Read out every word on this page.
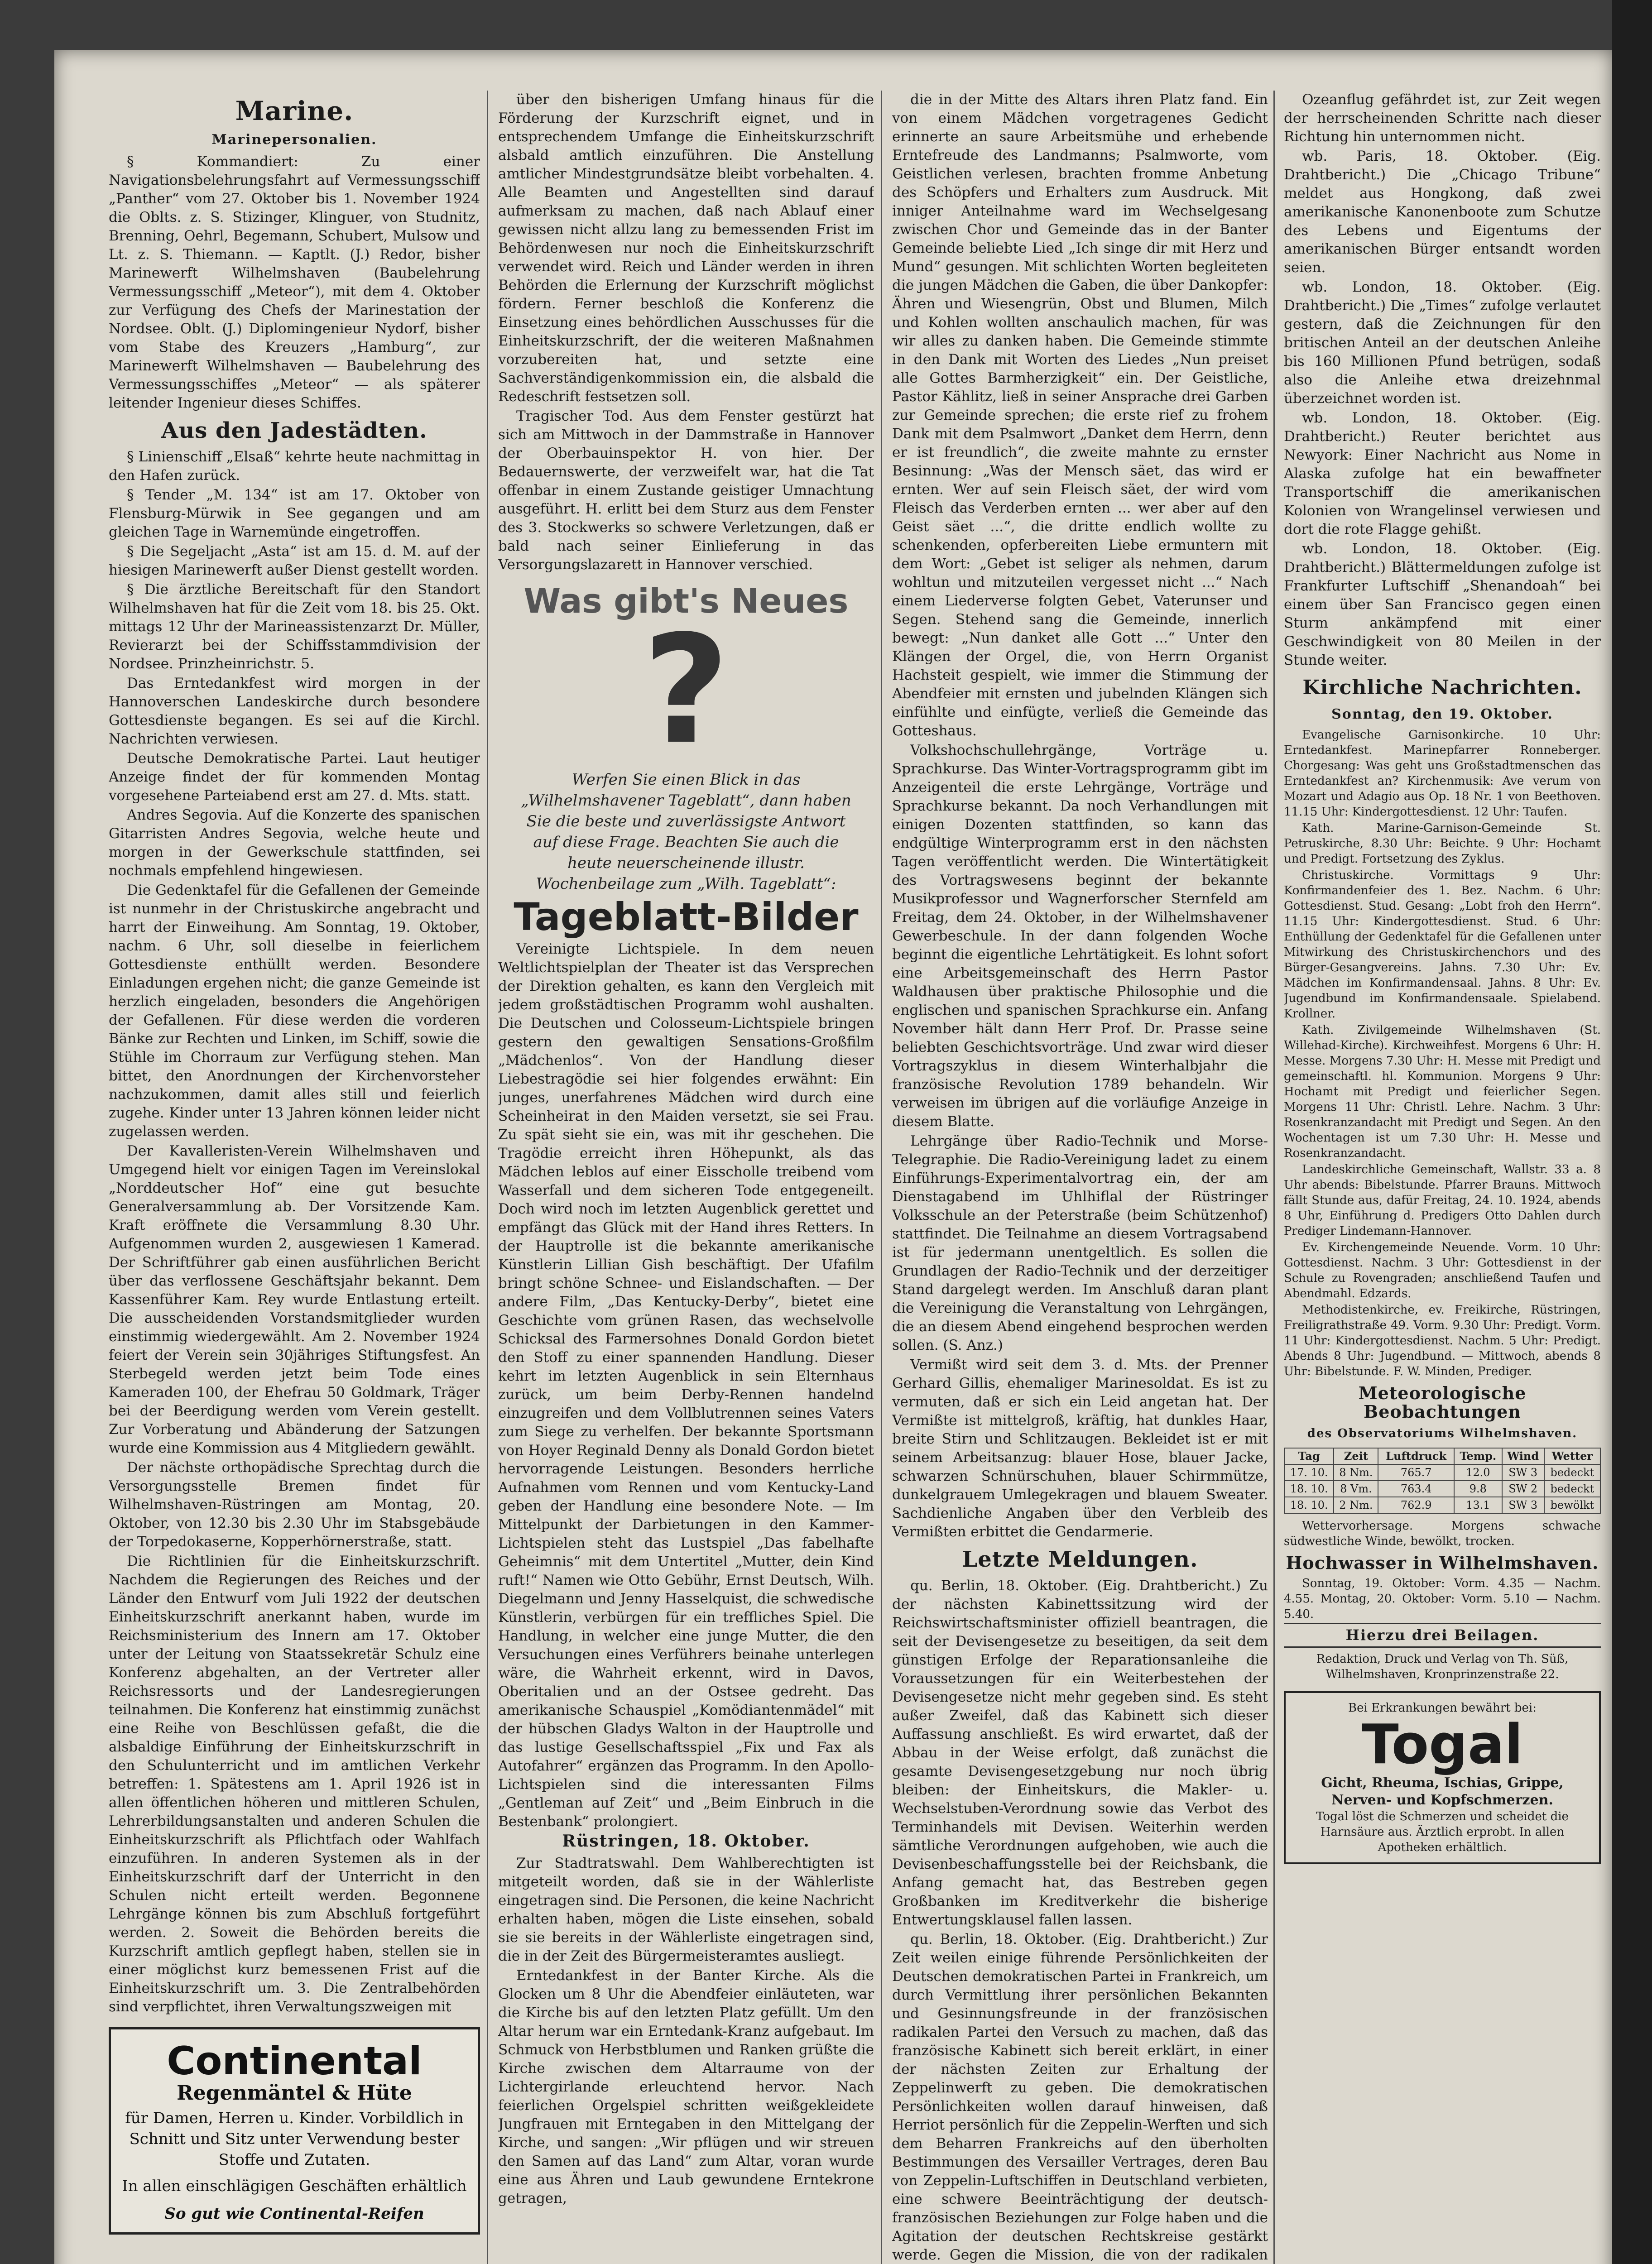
Marine.
Marinepersonalien.

§ Kommandiert: Zu einer Navigationsbelehrungsfahrt auf Vermessungsschiff „Panther“ vom 27. Oktober bis 1. November 1924 die Oblts. z. S. Stizinger, Klinguer, von Studnitz, Brenning, Oehrl, Begemann, Schubert, Mulsow und Lt. z. S. Thiemann. — Kaptlt. (J.) Redor, bisher Marinewerft Wilhelmshaven (Baubelehrung Vermessungsschiff „Meteor“), mit dem 4. Oktober zur Verfügung des Chefs der Marinestation der Nordsee. Oblt. (J.) Diplomingenieur Nydorf, bisher vom Stabe des Kreuzers „Hamburg“, zur Marinewerft Wilhelmshaven — Baubelehrung des Vermessungsschiffes „Meteor“ — als späterer leitender Ingenieur dieses Schiffes.

Aus den Jadestädten.

§ Linienschiff „Elsaß“ kehrte heute nachmittag in den Hafen zurück.

§ Tender „M. 134“ ist am 17. Oktober von Flensburg-Mürwik in See gegangen und am gleichen Tage in Warnemünde eingetroffen.

§ Die Segeljacht „Asta“ ist am 15. d. M. auf der hiesigen Marinewerft außer Dienst gestellt worden.

§ Die ärztliche Bereitschaft für den Standort Wilhelmshaven hat für die Zeit vom 18. bis 25. Okt. mittags 12 Uhr der Marineassistenzarzt Dr. Müller, Revierarzt bei der Schiffsstammdivision der Nordsee. Prinzheinrichstr. 5.

Das Erntedankfest wird morgen in der Hannoverschen Landeskirche durch besondere Gottesdienste begangen. Es sei auf die Kirchl. Nachrichten verwiesen.

Deutsche Demokratische Partei. Laut heutiger Anzeige findet der für kommenden Montag vorgesehene Parteiabend erst am 27. d. Mts. statt.

Andres Segovia. Auf die Konzerte des spanischen Gitarristen Andres Segovia, welche heute und morgen in der Gewerkschule stattfinden, sei nochmals empfehlend hingewiesen.

Die Gedenktafel für die Gefallenen der Gemeinde ist nunmehr in der Christuskirche angebracht und harrt der Einweihung. Am Sonntag, 19. Oktober, nachm. 6 Uhr, soll dieselbe in feierlichem Gottesdienste enthüllt werden. Besondere Einladungen ergehen nicht; die ganze Gemeinde ist herzlich eingeladen, besonders die Angehörigen der Gefallenen. Für diese werden die vorderen Bänke zur Rechten und Linken, im Schiff, sowie die Stühle im Chorraum zur Verfügung stehen. Man bittet, den Anordnungen der Kirchenvorsteher nachzukommen, damit alles still und feierlich zugehe. Kinder unter 13 Jahren können leider nicht zugelassen werden.

Der Kavalleristen-Verein Wilhelmshaven und Umgegend hielt vor einigen Tagen im Vereinslokal „Norddeutscher Hof“ eine gut besuchte Generalversammlung ab. Der Vorsitzende Kam. Kraft eröffnete die Versammlung 8.30 Uhr. Aufgenommen wurden 2, ausgewiesen 1 Kamerad. Der Schriftführer gab einen ausführlichen Bericht über das verflossene Geschäftsjahr bekannt. Dem Kassenführer Kam. Rey wurde Entlastung erteilt. Die ausscheidenden Vorstandsmitglieder wurden einstimmig wiedergewählt. Am 2. November 1924 feiert der Verein sein 30jähriges Stiftungsfest. An Sterbegeld werden jetzt beim Tode eines Kameraden 100, der Ehefrau 50 Goldmark, Träger bei der Beerdigung werden vom Verein gestellt. Zur Vorberatung und Abänderung der Satzungen wurde eine Kommission aus 4 Mitgliedern gewählt.

Der nächste orthopädische Sprechtag durch die Versorgungsstelle Bremen findet für Wilhelmshaven-Rüstringen am Montag, 20. Oktober, von 12.30 bis 2.30 Uhr im Stabsgebäude der Torpedokaserne, Kopperhörnerstraße, statt.

Die Richtlinien für die Einheitskurzschrift. Nachdem die Regierungen des Reiches und der Länder den Entwurf vom Juli 1922 der deutschen Einheitskurzschrift anerkannt haben, wurde im Reichsministerium des Innern am 17. Oktober unter der Leitung von Staatssekretär Schulz eine Konferenz abgehalten, an der Vertreter aller Reichsressorts und der Landesregierungen teilnahmen. Die Konferenz hat einstimmig zunächst eine Reihe von Beschlüssen gefaßt, die die alsbaldige Einführung der Einheitskurzschrift in den Schulunterricht und im amtlichen Verkehr betreffen: 1. Spätestens am 1. April 1926 ist in allen öffentlichen höheren und mittleren Schulen, Lehrerbildungsanstalten und anderen Schulen die Einheitskurzschrift als Pflichtfach oder Wahlfach einzuführen. In anderen Systemen als in der Einheitskurzschrift darf der Unterricht in den Schulen nicht erteilt werden. Begonnene Lehrgänge können bis zum Abschluß fortgeführt werden. 2. Soweit die Behörden bereits die Kurzschrift amtlich gepflegt haben, stellen sie in einer möglichst kurz bemessenen Frist auf die Einheitskurzschrift um. 3. Die Zentralbehörden sind verpflichtet, ihren Verwaltungszweigen mit

Continental
Regenmäntel & Hüte
für Damen, Herren u. Kinder. Vorbildlich in Schnitt und Sitz unter Verwendung bester Stoffe und Zutaten.
In allen einschlägigen Geschäften erhältlich
So gut wie Continental-Reifen

über den bisherigen Umfang hinaus für die Förderung der Kurzschrift eignet, und in entsprechendem Umfange die Einheitskurzschrift alsbald amtlich einzuführen. Die Anstellung amtlicher Mindestgrundsätze bleibt vorbehalten. 4. Alle Beamten und Angestellten sind darauf aufmerksam zu machen, daß nach Ablauf einer gewissen nicht allzu lang zu bemessenden Frist im Behördenwesen nur noch die Einheitskurzschrift verwendet wird. Reich und Länder werden in ihren Behörden die Erlernung der Kurzschrift möglichst fördern. Ferner beschloß die Konferenz die Einsetzung eines behördlichen Ausschusses für die Einheitskurzschrift, der die weiteren Maßnahmen vorzubereiten hat, und setzte eine Sachverständigenkommission ein, die alsbald die Redeschrift festsetzen soll.

Tragischer Tod. Aus dem Fenster gestürzt hat sich am Mittwoch in der Dammstraße in Hannover der Oberbauinspektor H. von hier. Der Bedauernswerte, der verzweifelt war, hat die Tat offenbar in einem Zustande geistiger Umnachtung ausgeführt. H. erlitt bei dem Sturz aus dem Fenster des 3. Stockwerks so schwere Verletzungen, daß er bald nach seiner Einlieferung in das Versorgungslazarett in Hannover verschied.

Was gibt's Neues
?
Werfen Sie einen Blick in das „Wilhelmshavener Tageblatt“, dann haben Sie die beste und zuverlässigste Antwort auf diese Frage. Beachten Sie auch die heute neuerscheinende illustr. Wochenbeilage zum „Wilh. Tageblatt“:
Tageblatt-Bilder

Vereinigte Lichtspiele. In dem neuen Weltlichtspielplan der Theater ist das Versprechen der Direktion gehalten, es kann den Vergleich mit jedem großstädtischen Programm wohl aushalten. Die Deutschen und Colosseum-Lichtspiele bringen gestern den gewaltigen Sensations-Großfilm „Mädchenlos“. Von der Handlung dieser Liebestragödie sei hier folgendes erwähnt: Ein junges, unerfahrenes Mädchen wird durch eine Scheinheirat in den Maiden versetzt, sie sei Frau. Zu spät sieht sie ein, was mit ihr geschehen. Die Tragödie erreicht ihren Höhepunkt, als das Mädchen leblos auf einer Eisscholle treibend vom Wasserfall und dem sicheren Tode entgegeneilt. Doch wird noch im letzten Augenblick gerettet und empfängt das Glück mit der Hand ihres Retters. In der Hauptrolle ist die bekannte amerikanische Künstlerin Lillian Gish beschäftigt. Der Ufafilm bringt schöne Schnee- und Eislandschaften. — Der andere Film, „Das Kentucky-Derby“, bietet eine Geschichte vom grünen Rasen, das wechselvolle Schicksal des Farmersohnes Donald Gordon bietet den Stoff zu einer spannenden Handlung. Dieser kehrt im letzten Augenblick in sein Elternhaus zurück, um beim Derby-Rennen handelnd einzugreifen und dem Vollblutrennen seines Vaters zum Siege zu verhelfen. Der bekannte Sportsmann von Hoyer Reginald Denny als Donald Gordon bietet hervorragende Leistungen. Besonders herrliche Aufnahmen vom Rennen und vom Kentucky-Land geben der Handlung eine besondere Note. — Im Mittelpunkt der Darbietungen in den Kammer-Lichtspielen steht das Lustspiel „Das fabelhafte Geheimnis“ mit dem Untertitel „Mutter, dein Kind ruft!“ Namen wie Otto Gebühr, Ernst Deutsch, Wilh. Diegelmann und Jenny Hasselquist, die schwedische Künstlerin, verbürgen für ein treffliches Spiel. Die Handlung, in welcher eine junge Mutter, die den Versuchungen eines Verführers beinahe unterlegen wäre, die Wahrheit erkennt, wird in Davos, Oberitalien und an der Ostsee gedreht. Das amerikanische Schauspiel „Komödiantenmädel“ mit der hübschen Gladys Walton in der Hauptrolle und das lustige Gesellschaftsspiel „Fix und Fax als Autofahrer“ ergänzen das Programm. In den Apollo-Lichtspielen sind die interessanten Films „Gentleman auf Zeit“ und „Beim Einbruch in die Bestenbank“ prolongiert.

Rüstringen, 18. Oktober.

Zur Stadtratswahl. Dem Wahlberechtigten ist mitgeteilt worden, daß sie in der Wählerliste eingetragen sind. Die Personen, die keine Nachricht erhalten haben, mögen die Liste einsehen, sobald sie sie bereits in der Wählerliste eingetragen sind, die in der Zeit des Bürgermeisteramtes ausliegt.

Erntedankfest in der Banter Kirche. Als die Glocken um 8 Uhr die Abendfeier einläuteten, war die Kirche bis auf den letzten Platz gefüllt. Um den Altar herum war ein Erntedank-Kranz aufgebaut. Im Schmuck von Herbstblumen und Ranken grüßte die Kirche zwischen dem Altarraume von der Lichtergirlande erleuchtend hervor. Nach feierlichen Orgelspiel schritten weißgekleidete Jungfrauen mit Erntegaben in den Mittelgang der Kirche, und sangen: „Wir pflügen und wir streuen den Samen auf das Land“ zum Altar, voran wurde eine aus Ähren und Laub gewundene Erntekrone getragen,

die in der Mitte des Altars ihren Platz fand. Ein von einem Mädchen vorgetragenes Gedicht erinnerte an saure Arbeitsmühe und erhebende Erntefreude des Landmanns; Psalmworte, vom Geistlichen verlesen, brachten fromme Anbetung des Schöpfers und Erhalters zum Ausdruck. Mit inniger Anteilnahme ward im Wechselgesang zwischen Chor und Gemeinde das in der Banter Gemeinde beliebte Lied „Ich singe dir mit Herz und Mund“ gesungen. Mit schlichten Worten begleiteten die jungen Mädchen die Gaben, die über Dankopfer: Ähren und Wiesengrün, Obst und Blumen, Milch und Kohlen wollten anschaulich machen, für was wir alles zu danken haben. Die Gemeinde stimmte in den Dank mit Worten des Liedes „Nun preiset alle Gottes Barmherzigkeit“ ein. Der Geistliche, Pastor Kählitz, ließ in seiner Ansprache drei Garben zur Gemeinde sprechen; die erste rief zu frohem Dank mit dem Psalmwort „Danket dem Herrn, denn er ist freundlich“, die zweite mahnte zu ernster Besinnung: „Was der Mensch säet, das wird er ernten. Wer auf sein Fleisch säet, der wird vom Fleisch das Verderben ernten ... wer aber auf den Geist säet ...“, die dritte endlich wollte zu schenkenden, opferbereiten Liebe ermuntern mit dem Wort: „Gebet ist seliger als nehmen, darum wohltun und mitzuteilen vergesset nicht ...“ Nach einem Liederverse folgten Gebet, Vaterunser und Segen. Stehend sang die Gemeinde, innerlich bewegt: „Nun danket alle Gott ...“ Unter den Klängen der Orgel, die, von Herrn Organist Hachsteit gespielt, wie immer die Stimmung der Abendfeier mit ernsten und jubelnden Klängen sich einfühlte und einfügte, verließ die Gemeinde das Gotteshaus.

Volkshochschullehrgänge, Vorträge u. Sprachkurse. Das Winter-Vortragsprogramm gibt im Anzeigenteil die erste Lehrgänge, Vorträge und Sprachkurse bekannt. Da noch Verhandlungen mit einigen Dozenten stattfinden, so kann das endgültige Winterprogramm erst in den nächsten Tagen veröffentlicht werden. Die Wintertätigkeit des Vortragswesens beginnt der bekannte Musikprofessor und Wagnerforscher Sternfeld am Freitag, dem 24. Oktober, in der Wilhelmshavener Gewerbeschule. In der dann folgenden Woche beginnt die eigentliche Lehrtätigkeit. Es lohnt sofort eine Arbeitsgemeinschaft des Herrn Pastor Waldhausen über praktische Philosophie und die englischen und spanischen Sprachkurse ein. Anfang November hält dann Herr Prof. Dr. Prasse seine beliebten Geschichtsvorträge. Und zwar wird dieser Vortragszyklus in diesem Winterhalbjahr die französische Revolution 1789 behandeln. Wir verweisen im übrigen auf die vorläufige Anzeige in diesem Blatte.

Lehrgänge über Radio-Technik und Morse-Telegraphie. Die Radio-Vereinigung ladet zu einem Einführungs-Experimentalvortrag ein, der am Dienstagabend im Uhlhiflal der Rüstringer Volksschule an der Peterstraße (beim Schützenhof) stattfindet. Die Teilnahme an diesem Vortragsabend ist für jedermann unentgeltlich. Es sollen die Grundlagen der Radio-Technik und der derzeitiger Stand dargelegt werden. Im Anschluß daran plant die Vereinigung die Veranstaltung von Lehrgängen, die an diesem Abend eingehend besprochen werden sollen. (S. Anz.)

Vermißt wird seit dem 3. d. Mts. der Prenner Gerhard Gillis, ehemaliger Marinesoldat. Es ist zu vermuten, daß er sich ein Leid angetan hat. Der Vermißte ist mittelgroß, kräftig, hat dunkles Haar, breite Stirn und Schlitzaugen. Bekleidet ist er mit seinem Arbeitsanzug: blauer Hose, blauer Jacke, schwarzen Schnürschuhen, blauer Schirmmütze, dunkelgrauem Umlegekragen und blauem Sweater. Sachdienliche Angaben über den Verbleib des Vermißten erbittet die Gendarmerie.

Letzte Meldungen.

qu. Berlin, 18. Oktober. (Eig. Drahtbericht.) Zu der nächsten Kabinettssitzung wird der Reichswirtschaftsminister offiziell beantragen, die seit der Devisengesetze zu beseitigen, da seit dem günstigen Erfolge der Reparationsanleihe die Voraussetzungen für ein Weiterbestehen der Devisengesetze nicht mehr gegeben sind. Es steht außer Zweifel, daß das Kabinett sich dieser Auffassung anschließt. Es wird erwartet, daß der Abbau in der Weise erfolgt, daß zunächst die gesamte Devisengesetzgebung nur noch übrig bleiben: der Einheitskurs, die Makler- u. Wechselstuben-Verordnung sowie das Verbot des Terminhandels mit Devisen. Weiterhin werden sämtliche Verordnungen aufgehoben, wie auch die Devisenbeschaffungsstelle bei der Reichsbank, die Anfang gemacht hat, das Bestreben gegen Großbanken im Kreditverkehr die bisherige Entwertungsklausel fallen lassen.

qu. Berlin, 18. Oktober. (Eig. Drahtbericht.) Zur Zeit weilen einige führende Persönlichkeiten der Deutschen demokratischen Partei in Frankreich, um durch Vermittlung ihrer persönlichen Bekannten und Gesinnungsfreunde in der französischen radikalen Partei den Versuch zu machen, daß das französische Kabinett sich bereit erklärt, in einer der nächsten Zeiten zur Erhaltung der Zeppelinwerft zu geben. Die demokratischen Persönlichkeiten wollen darauf hinweisen, daß Herriot persönlich für die Zeppelin-Werften und sich dem Beharren Frankreichs auf den überholten Bestimmungen des Versailler Vertrages, deren Bau von Zeppelin-Luftschiffen in Deutschland verbieten, eine schwere Beeinträchtigung der deutsch-französischen Beziehungen zur Folge haben und die Agitation der deutschen Rechtskreise gestärkt werde. Gegen die Mission, die von der radikalen

Ozeanflug gefährdet ist, zur Zeit wegen der herrscheinenden Schritte nach dieser Richtung hin unternommen nicht.

wb. Paris, 18. Oktober. (Eig. Drahtbericht.) Die „Chicago Tribune“ meldet aus Hongkong, daß zwei amerikanische Kanonenboote zum Schutze des Lebens und Eigentums der amerikanischen Bürger entsandt worden seien.

wb. London, 18. Oktober. (Eig. Drahtbericht.) Die „Times“ zufolge verlautet gestern, daß die Zeichnungen für den britischen Anteil an der deutschen Anleihe bis 160 Millionen Pfund betrügen, sodaß also die Anleihe etwa dreizehnmal überzeichnet worden ist.

wb. London, 18. Oktober. (Eig. Drahtbericht.) Reuter berichtet aus Newyork: Einer Nachricht aus Nome in Alaska zufolge hat ein bewaffneter Transportschiff die amerikanischen Kolonien von Wrangelinsel verwiesen und dort die rote Flagge gehißt.

wb. London, 18. Oktober. (Eig. Drahtbericht.) Blättermeldungen zufolge ist Frankfurter Luftschiff „Shenandoah“ bei einem über San Francisco gegen einen Sturm ankämpfend mit einer Geschwindigkeit von 80 Meilen in der Stunde weiter.

Kirchliche Nachrichten.
Sonntag, den 19. Oktober.

Evangelische Garnisonkirche. 10 Uhr: Erntedankfest. Marinepfarrer Ronneberger. Chorgesang: Was geht uns Großstadtmenschen das Erntedankfest an? Kirchenmusik: Ave verum von Mozart und Adagio aus Op. 18 Nr. 1 von Beethoven. 11.15 Uhr: Kindergottesdienst. 12 Uhr: Taufen.

Kath. Marine-Garnison-Gemeinde St. Petruskirche, 8.30 Uhr: Beichte. 9 Uhr: Hochamt und Predigt. Fortsetzung des Zyklus.

Christuskirche. Vormittags 9 Uhr: Konfirmandenfeier des 1. Bez. Nachm. 6 Uhr: Gottesdienst. Stud. Gesang: „Lobt froh den Herrn“. 11.15 Uhr: Kindergottesdienst. Stud. 6 Uhr: Enthüllung der Gedenktafel für die Gefallenen unter Mitwirkung des Christuskirchenchors und des Bürger-Gesangvereins. Jahns. 7.30 Uhr: Ev. Mädchen im Konfirmandensaal. Jahns. 8 Uhr: Ev. Jugendbund im Konfirmandensaale. Spielabend. Krollner.

Kath. Zivilgemeinde Wilhelmshaven (St. Willehad-Kirche). Kirchweihfest. Morgens 6 Uhr: H. Messe. Morgens 7.30 Uhr: H. Messe mit Predigt und gemeinschaftl. hl. Kommunion. Morgens 9 Uhr: Hochamt mit Predigt und feierlicher Segen. Morgens 11 Uhr: Christl. Lehre. Nachm. 3 Uhr: Rosenkranzandacht mit Predigt und Segen. An den Wochentagen ist um 7.30 Uhr: H. Messe und Rosenkranzandacht.

Landeskirchliche Gemeinschaft, Wallstr. 33 a. 8 Uhr abends: Bibelstunde. Pfarrer Brauns. Mittwoch fällt Stunde aus, dafür Freitag, 24. 10. 1924, abends 8 Uhr, Einführung d. Predigers Otto Dahlen durch Prediger Lindemann-Hannover.

Ev. Kirchengemeinde Neuende. Vorm. 10 Uhr: Gottesdienst. Nachm. 3 Uhr: Gottesdienst in der Schule zu Rovengraden; anschließend Taufen und Abendmahl. Edzards.

Methodistenkirche, ev. Freikirche, Rüstringen, Freiligrathstraße 49. Vorm. 9.30 Uhr: Predigt. Vorm. 11 Uhr: Kindergottesdienst. Nachm. 5 Uhr: Predigt. Abends 8 Uhr: Jugendbund. — Mittwoch, abends 8 Uhr: Bibelstunde. F. W. Minden, Prediger.

Meteorologische Beobachtungen
des Observatoriums Wilhelmshaven.
Tag	Zeit	Luftdruck	Temp.	Wind	Wetter
17. 10.	8 Nm.	765.7	12.0	SW 3	bedeckt
18. 10.	8 Vm.	763.4	9.8	SW 2	bedeckt
18. 10.	2 Nm.	762.9	13.1	SW 3	bewölkt

Wettervorhersage. Morgens schwache südwestliche Winde, bewölkt, trocken.

Hochwasser in Wilhelmshaven.

Sonntag, 19. Oktober: Vorm. 4.35 — Nachm. 4.55. Montag, 20. Oktober: Vorm. 5.10 — Nachm. 5.40.

Hierzu drei Beilagen.

Redaktion, Druck und Verlag von Th. Süß, Wilhelmshaven, Kronprinzenstraße 22.

Bei Erkrankungen bewährt bei:
Togal
Gicht, Rheuma, Ischias, Grippe, Nerven- und Kopfschmerzen.
Togal löst die Schmerzen und scheidet die Harnsäure aus. Ärztlich erprobt. In allen Apotheken erhältlich.
